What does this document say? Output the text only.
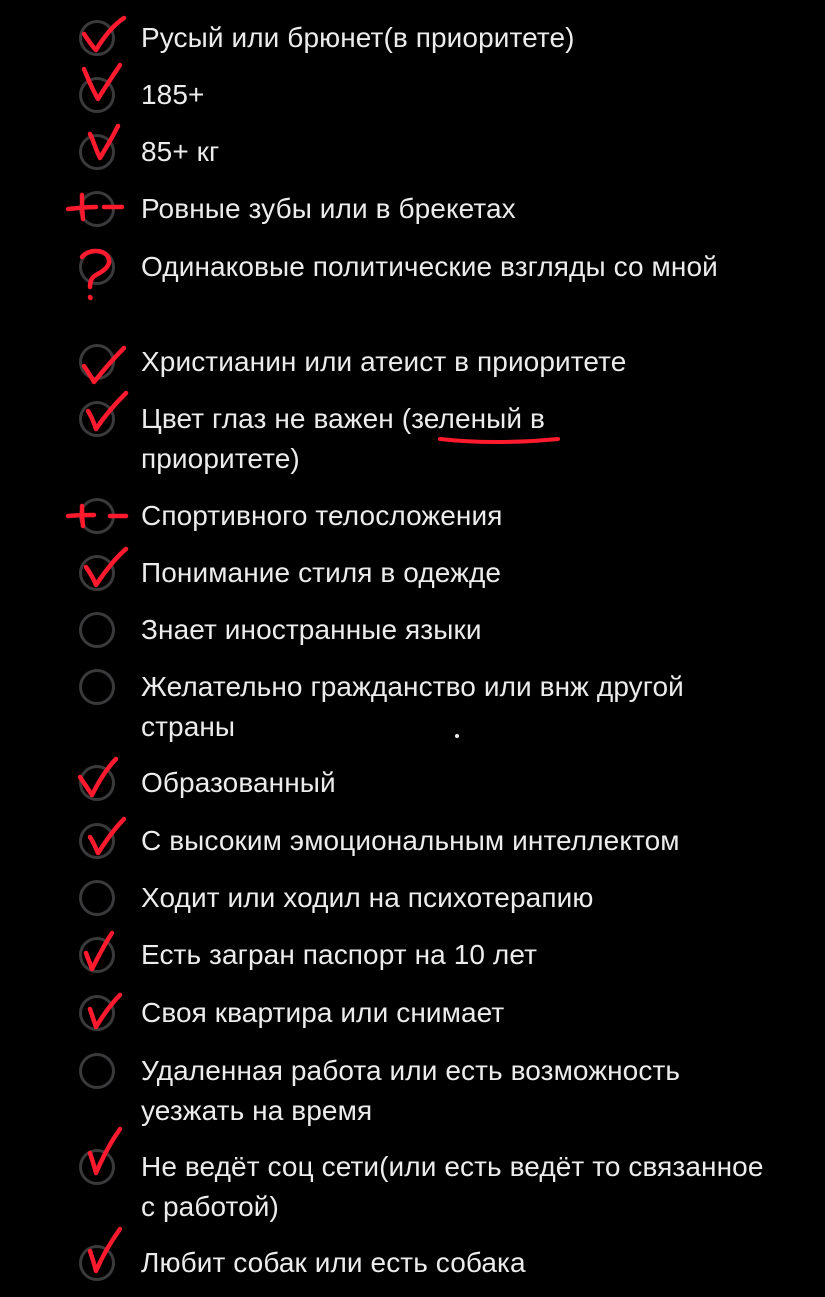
Русый или брюнет(в приоритете)
185+
85+ кг
Ровные зубы или в брекетах
Одинаковые политические взгляды со мной
Христианин или атеист в приоритете
Цвет глаз не важен (зеленый в приоритете)
Спортивного телосложения
Понимание стиля в одежде
Знает иностранные языки
Желательно гражданство или внж другой страны
Образованный
С высоким эмоциональным интеллектом
Ходит или ходил на психотерапию
Есть загран паспорт на 10 лет
Своя квартира или снимает
Удаленная работа или есть возможность уезжать на время
Не ведёт соц сети(или есть ведёт то связанное с работой)
Любит собак или есть собака
